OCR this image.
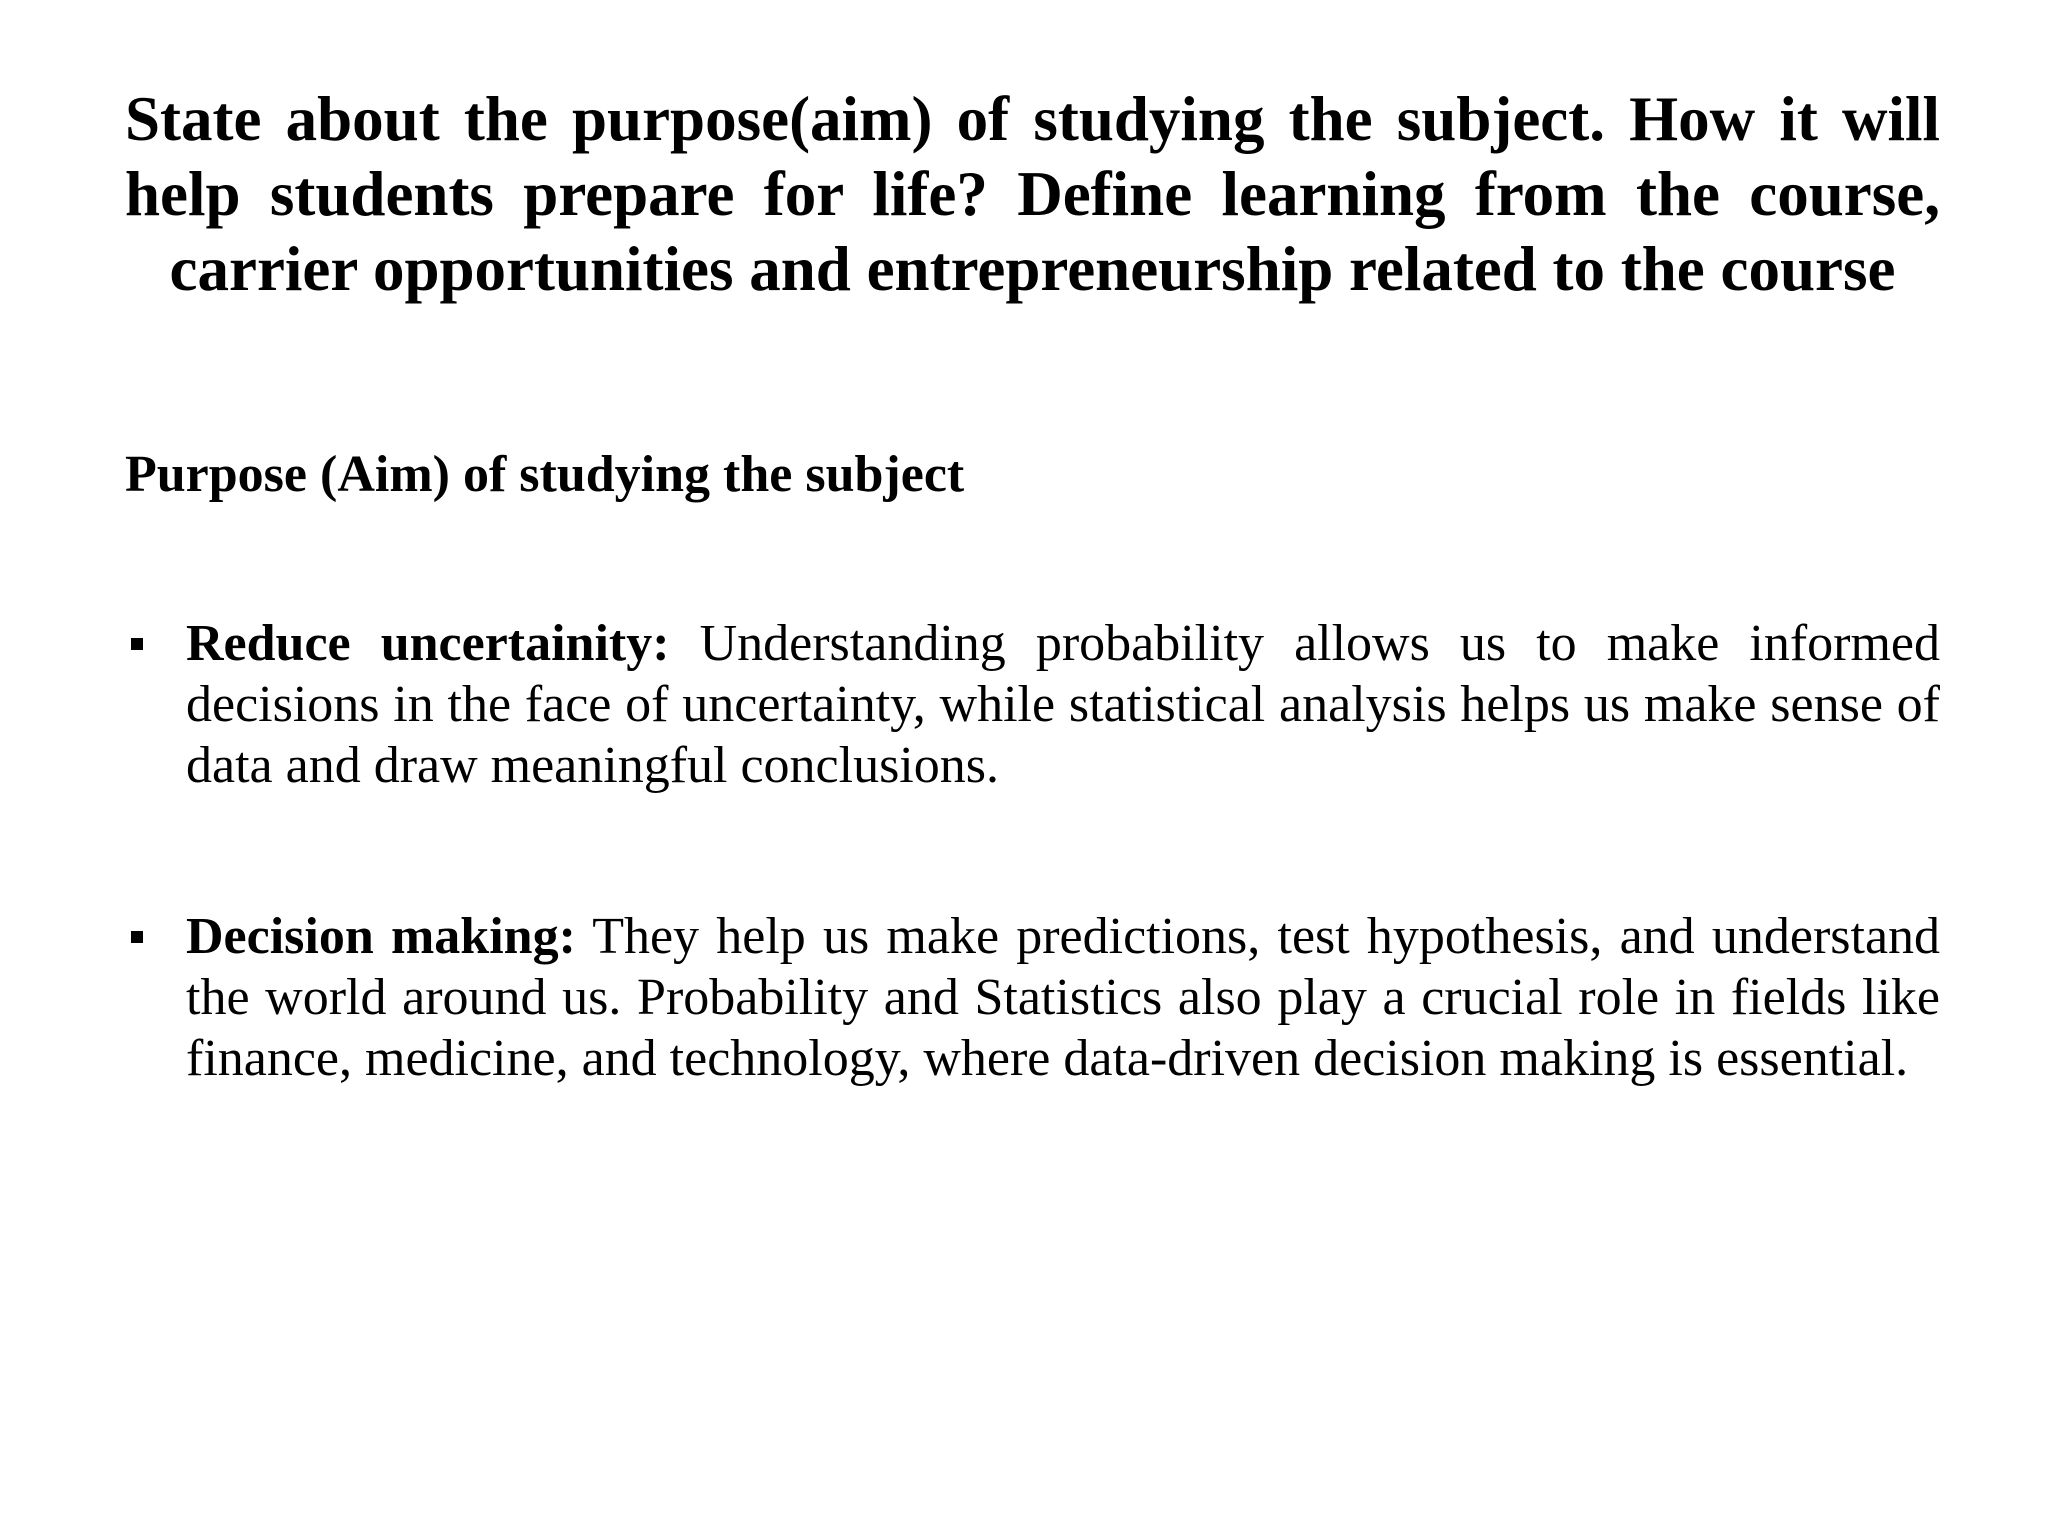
State about the purpose(aim) of studying the subject. How it will help students prepare for life? Define learning from the course, carrier opportunities and entrepreneurship related to the course
Purpose (Aim) of studying the subject

Reduce uncertainity: Understanding probability allows us to make informed decisions in the face of uncertainty, while statistical analysis helps us make sense of data and draw meaningful conclusions.

Decision making: They help us make predictions, test hypothesis, and understand the world around us. Probability and Statistics also play a crucial role in fields like finance, medicine, and technology, where data-driven decision making is essential.
